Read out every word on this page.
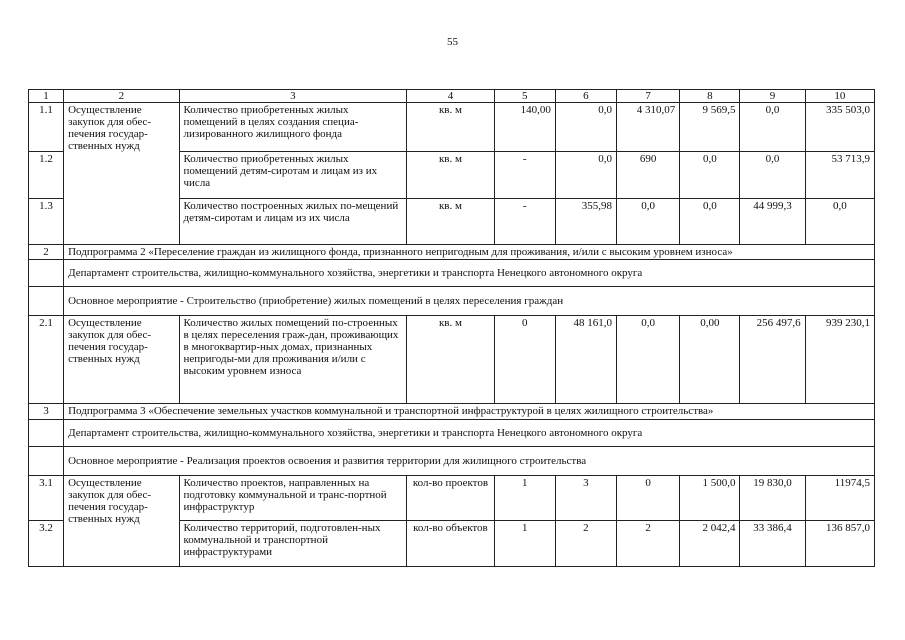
55
1	2	3	4	5	6	7	8	9	10
1.1	Осуществление закупок для обес-печения государ-ственных нужд	Количество приобретенных жилых помещений в целях создания специа-лизированного жилищного фонда	кв. м	140,00	0,0	4 310,07	9 569,5	0,0	335 503,0
1.2		Количество приобретенных жилых помещений детям-сиротам и лицам из их числа	кв. м	-	0,0	690	0,0	0,0	53 713,9
1.3		Количество построенных жилых по-мещений детям-сиротам и лицам из их числа	кв. м	-	355,98	0,0	0,0	44 999,3	0,0
2	Подпрограмма 2 «Переселение граждан из жилищного фонда, признанного непригодным для проживания, и/или с высоким уровнем износа»								
	Департамент строительства, жилищно-коммунального хозяйства, энергетики и транспорта Ненецкого автономного округа								
	Основное мероприятие - Строительство (приобретение) жилых помещений в целях переселения граждан								
2.1	Осуществление закупок для обес-печения государ-ственных нужд	Количество жилых помещений по-строенных в целях переселения граж-дан, проживающих в многоквартир-ных домах, признанных непригоды-ми для проживания и/или с высоким уровнем износа	кв. м	0	48 161,0	0,0	0,00	256 497,6	939 230,1
3	Подпрограмма 3 «Обеспечение земельных участков коммунальной и транспортной инфраструктурой в целях жилищного строительства»								
	Департамент строительства, жилищно-коммунального хозяйства, энергетики и транспорта Ненецкого автономного округа								
	Основное мероприятие - Реализация проектов освоения и развития территории для жилищного строительства								
3.1	Осуществление закупок для обес-печения государ-ственных нужд	Количество проектов, направленных на подготовку коммунальной и транс-портной инфраструктур	кол-во проектов	1	3	0	1 500,0	19 830,0	11974,5
3.2		Количество территорий, подготовлен-ных коммунальной и транспортной инфраструктурами	кол-во объектов	1	2	2	2 042,4	33 386,4	136 857,0
